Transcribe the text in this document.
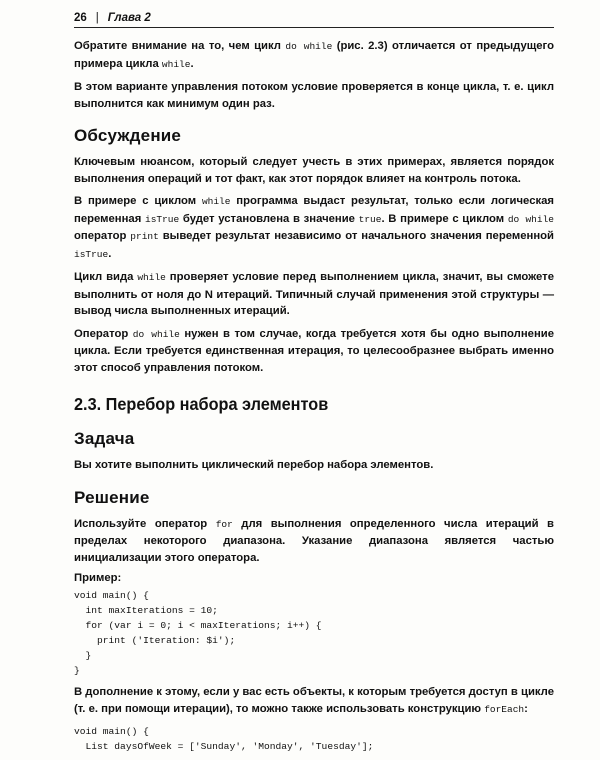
26 | Глава 2

Обратите внимание на то, чем цикл do while (рис. 2.3) отличается от предыдущего примера цикла while.

В этом варианте управления потоком условие проверяется в конце цикла, т. е. цикл выполнится как минимум один раз.

Обсуждение

Ключевым нюансом, который следует учесть в этих примерах, является порядок выполнения операций и тот факт, как этот порядок влияет на контроль потока.

В примере с циклом while программа выдаст результат, только если логическая переменная isTrue будет установлена в значение true. В примере с циклом do while оператор print выведет результат независимо от начального значения переменной isTrue.

Цикл вида while проверяет условие перед выполнением цикла, значит, вы сможете выполнить от ноля до N итераций. Типичный случай применения этой структуры — вывод числа выполненных итераций.

Оператор do while нужен в том случае, когда требуется хотя бы одно выполнение цикла. Если требуется единственная итерация, то целесообразнее выбрать именно этот способ управления потоком.

2.3. Перебор набора элементов
Задача

Вы хотите выполнить циклический перебор набора элементов.

Решение

Используйте оператор for для выполнения определенного числа итераций в пределах некоторого диапазона. Указание диапазона является частью инициализации этого оператора.

Пример:
void main() {
int maxIterations = 10;
for (var i = 0; i < maxIterations; i++) {
print ('Iteration: $i');
}
}

В дополнение к этому, если у вас есть объекты, к которым требуется доступ в цикле (т. е. при помощи итерации), то можно также использовать конструкцию forEach:

void main() {
List daysOfWeek = ['Sunday', 'Monday', 'Tuesday'];
